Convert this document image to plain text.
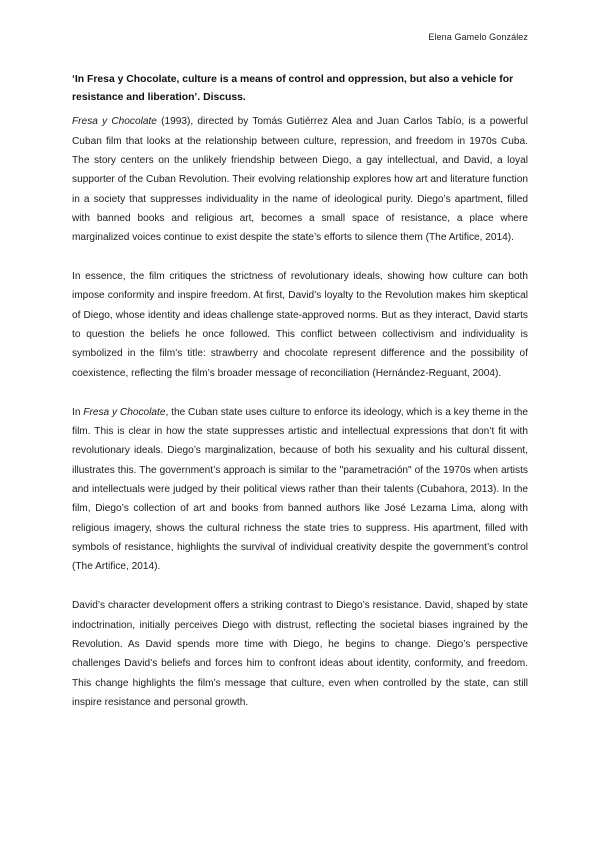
Elena Gamelo González

‘In Fresa y Chocolate, culture is a means of control and oppression, but also a vehicle for resistance and liberation’. Discuss.

Fresa y Chocolate (1993), directed by Tomás Gutiérrez Alea and Juan Carlos Tabío, is a powerful Cuban film that looks at the relationship between culture, repression, and freedom in 1970s Cuba. The story centers on the unlikely friendship between Diego, a gay intellectual, and David, a loyal supporter of the Cuban Revolution. Their evolving relationship explores how art and literature function in a society that suppresses individuality in the name of ideological purity. Diego’s apartment, filled with banned books and religious art, becomes a small space of resistance, a place where marginalized voices continue to exist despite the state’s efforts to silence them (The Artifice, 2014).

In essence, the film critiques the strictness of revolutionary ideals, showing how culture can both impose conformity and inspire freedom. At first, David’s loyalty to the Revolution makes him skeptical of Diego, whose identity and ideas challenge state-approved norms. But as they interact, David starts to question the beliefs he once followed. This conflict between collectivism and individuality is symbolized in the film’s title: strawberry and chocolate represent difference and the possibility of coexistence, reflecting the film’s broader message of reconciliation (Hernández-Reguant, 2004).

In Fresa y Chocolate, the Cuban state uses culture to enforce its ideology, which is a key theme in the film. This is clear in how the state suppresses artistic and intellectual expressions that don’t fit with revolutionary ideals. Diego’s marginalization, because of both his sexuality and his cultural dissent, illustrates this. The government’s approach is similar to the "parametración" of the 1970s when artists and intellectuals were judged by their political views rather than their talents (Cubahora, 2013). In the film, Diego’s collection of art and books from banned authors like José Lezama Lima, along with religious imagery, shows the cultural richness the state tries to suppress. His apartment, filled with symbols of resistance, highlights the survival of individual creativity despite the government’s control (The Artifice, 2014).

David’s character development offers a striking contrast to Diego’s resistance. David, shaped by state indoctrination, initially perceives Diego with distrust, reflecting the societal biases ingrained by the Revolution. As David spends more time with Diego, he begins to change. Diego’s perspective challenges David’s beliefs and forces him to confront ideas about identity, conformity, and freedom. This change highlights the film’s message that culture, even when controlled by the state, can still inspire resistance and personal growth.
